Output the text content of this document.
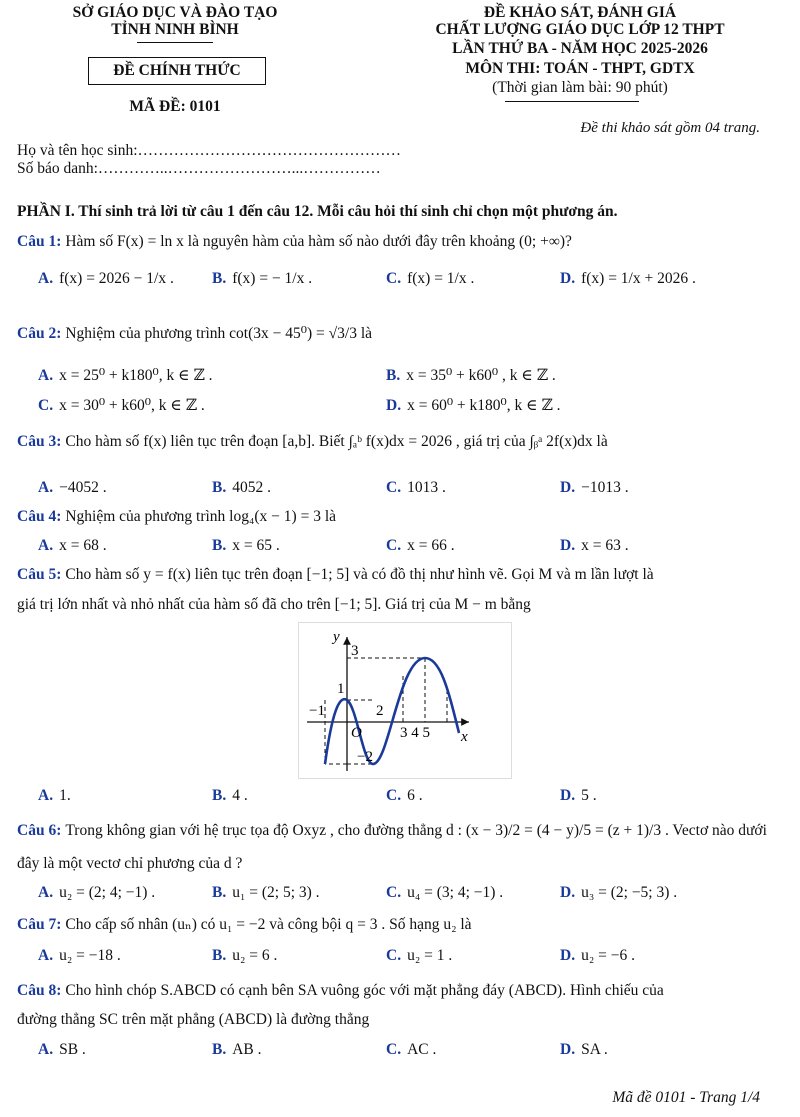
SỞ GIÁO DỤC VÀ ĐÀO TẠO
TỈNH NINH BÌNH
ĐỀ CHÍNH THỨC
MÃ ĐỀ: 0101
ĐỀ KHẢO SÁT, ĐÁNH GIÁ
CHẤT LƯỢNG GIÁO DỤC LỚP 12 THPT
LẦN THỨ BA - NĂM HỌC 2025-2026
MÔN THI: TOÁN - THPT, GDTX
(Thời gian làm bài: 90 phút)
Đề thi khảo sát gồm 04 trang.
Họ và tên học sinh:……………………………………………
Số báo danh:…………..……………………...……………
PHẦN I. Thí sinh trả lời từ câu 1 đến câu 12. Mỗi câu hỏi thí sinh chỉ chọn một phương án.
Câu 1: Hàm số F(x) = ln x là nguyên hàm của hàm số nào dưới đây trên khoảng (0; +∞)?
A. f(x) = 2026 − 1/x . B. f(x) = − 1/x .	C. f(x) = 1/x .	D. f(x) = 1/x + 2026 .
Câu 2: Nghiệm của phương trình cot(3x − 45⁰) = √3/3 là
A. x = 25⁰ + k180⁰, k ∈ ℤ .	B. x = 35⁰ + k60⁰ , k ∈ ℤ .
C. x = 30⁰ + k60⁰, k ∈ ℤ .	D. x = 60⁰ + k180⁰, k ∈ ℤ .
Câu 3: Cho hàm số f(x) liên tục trên đoạn [a,b]. Biết ∫ₐᵇ f(x)dx = 2026 , giá trị của ∫ᵦᵃ 2f(x)dx là
A. −4052 .	B. 4052 .	C. 1013 .	D. −1013 .
Câu 4: Nghiệm của phương trình log₄(x − 1) = 3 là
A. x = 68 .	B. x = 65 .	C. x = 66 .	D. x = 63 .
Câu 5: Cho hàm số y = f(x) liên tục trên đoạn [−1; 5] và có đồ thị như hình vẽ. Gọi M và m lần lượt là
giá trị lớn nhất và nhỏ nhất của hàm số đã cho trên [−1; 5]. Giá trị của M − m bằng
y
x
3
1
−1	2
O	3 4 5
−2
A. 1.	B. 4 .	C. 6 .	D. 5 .
Câu 6: Trong không gian với hệ trục tọa độ Oxyz , cho đường thẳng d : (x − 3)/2 = (4 − y)/5 = (z + 1)/3 . Vectơ nào dưới
đây là một vectơ chỉ phương của d ?
A. u₂ = (2; 4; −1) .	B. u₁ = (2; 5; 3) .	C. u₄ = (3; 4; −1) .	D. u₃ = (2; −5; 3) .
Câu 7: Cho cấp số nhân (uₙ) có u₁ = −2 và công bội q = 3 . Số hạng u₂ là
A. u₂ = −18 .	B. u₂ = 6 .	C. u₂ = 1 .	D. u₂ = −6 .
Câu 8: Cho hình chóp S.ABCD có cạnh bên SA vuông góc với mặt phẳng đáy (ABCD). Hình chiếu của
đường thẳng SC trên mặt phẳng (ABCD) là đường thẳng
A. SB .	B. AB .	C. AC .	D. SA .
Mã đề 0101 - Trang 1/4
